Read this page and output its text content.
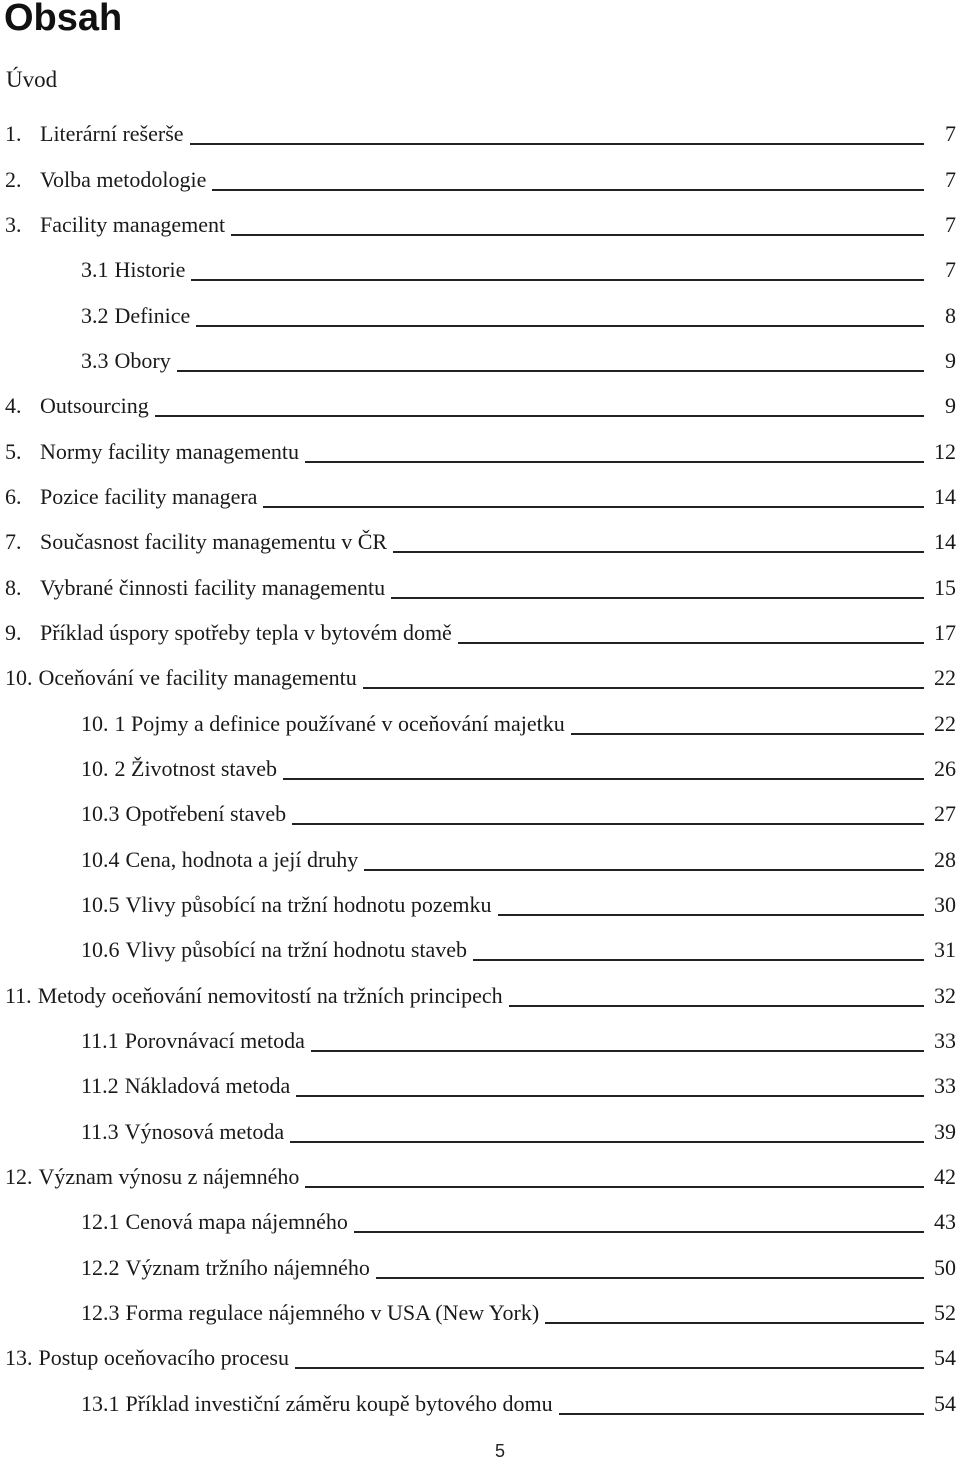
Obsah
Úvod
1. Literární rešerše	7
2. Volba metodologie	7
3. Facility management	7
3.1 Historie	7
3.2 Definice	8
3.3 Obory	9
4. Outsourcing	9
5. Normy facility managementu	12
6. Pozice facility managera	14
7. Současnost facility managementu v ČR	14
8. Vybrané činnosti facility managementu	15
9. Příklad úspory spotřeby tepla v bytovém domě	17
10. Oceňování ve facility managementu	22
10. 1 Pojmy a definice používané v oceňování majetku	22
10. 2 Životnost staveb	26
10.3 Opotřebení staveb	27
10.4 Cena, hodnota a její druhy	28
10.5 Vlivy působící na tržní hodnotu pozemku	30
10.6 Vlivy působící na tržní hodnotu staveb	31
11. Metody oceňování nemovitostí na tržních principech	32
11.1 Porovnávací metoda	33
11.2 Nákladová metoda	33
11.3 Výnosová metoda	39
12. Význam výnosu z nájemného	42
12.1 Cenová mapa nájemného	43
12.2 Význam tržního nájemného	50
12.3 Forma regulace nájemného v USA (New York)	52
13. Postup oceňovacího procesu	54
13.1 Příklad investiční záměru koupě bytového domu	54
5
